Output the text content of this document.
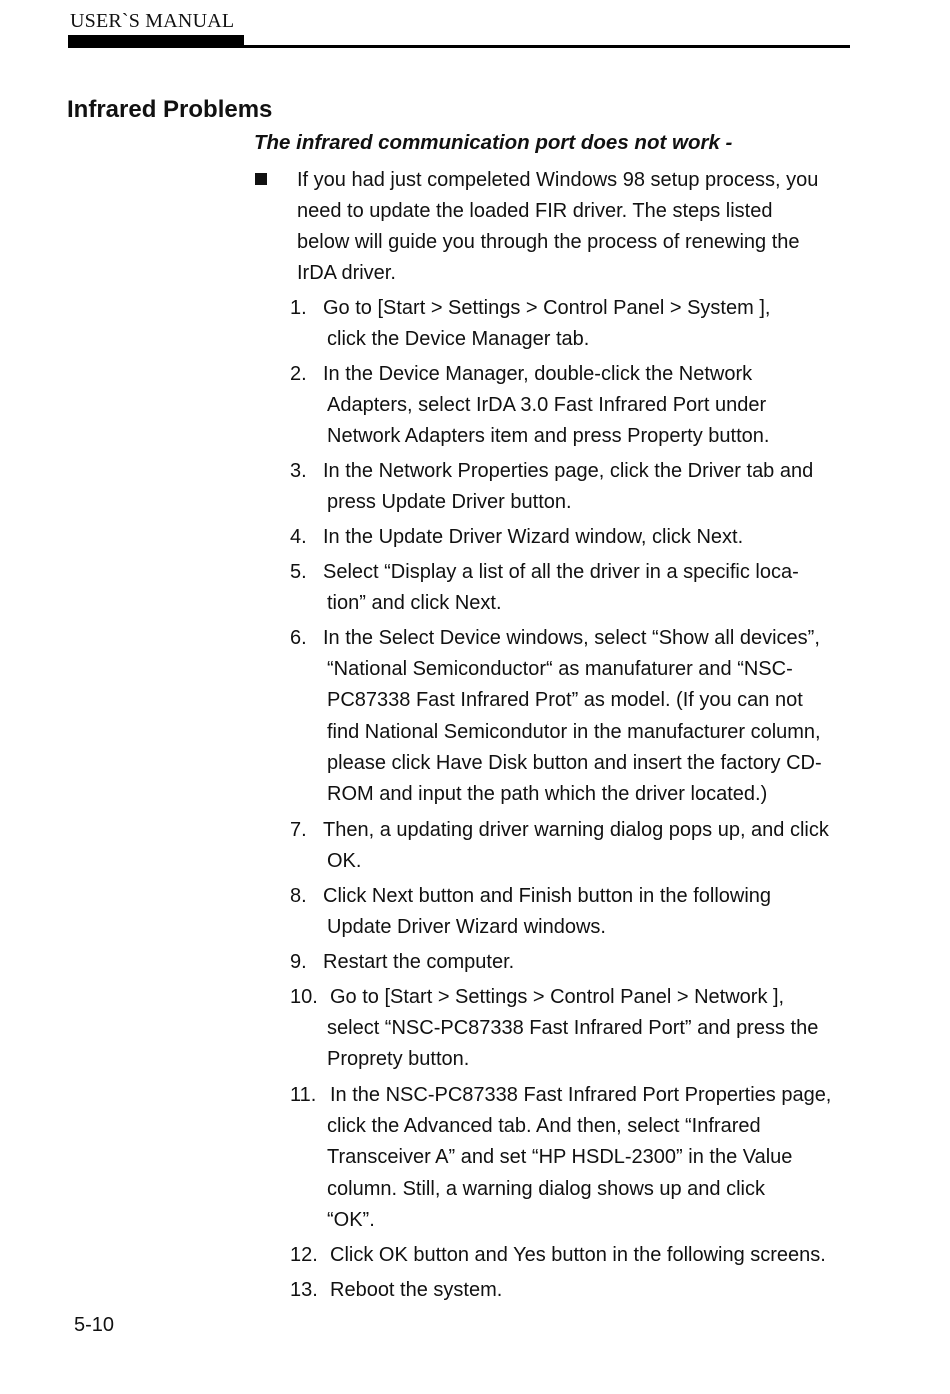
USER`S MANUAL
Infrared Problems
The infrared communication port does not work -
If you had just compeleted Windows 98 setup process, you
need to update the loaded FIR driver. The steps listed
below will guide you through the process of renewing the
IrDA driver.
1. Go to [Start > Settings > Control Panel > System ],
click the Device Manager tab.
2. In the Device Manager, double-click the Network
Adapters, select IrDA 3.0 Fast Infrared Port under
Network Adapters item and press Property button.
3. In the Network Properties page, click the Driver tab and
press Update Driver button.
4. In the Update Driver Wizard window, click Next.
5. Select “Display a list of all the driver in a specific loca-
tion” and click Next.
6. In the Select Device windows, select “Show all devices”,
“National Semiconductor“ as manufaturer and “NSC-
PC87338 Fast Infrared Prot” as model. (If you can not
find National Semicondutor in the manufacturer column,
please click Have Disk button and insert the factory CD-
ROM and input the path which the driver located.)
7. Then, a updating driver warning dialog pops up, and click
OK.
8. Click Next button and Finish button in the following
Update Driver Wizard windows.
9. Restart the computer.
10. Go to [Start > Settings > Control Panel > Network ],
select “NSC-PC87338 Fast Infrared Port” and press the
Proprety button.
11. In the NSC-PC87338 Fast Infrared Port Properties page,
click the Advanced tab. And then, select “Infrared
Transceiver A” and set “HP HSDL-2300” in the Value
column. Still, a warning dialog shows up and click
“OK”.
12. Click OK button and Yes button in the following screens.
13. Reboot the system.
5-10
